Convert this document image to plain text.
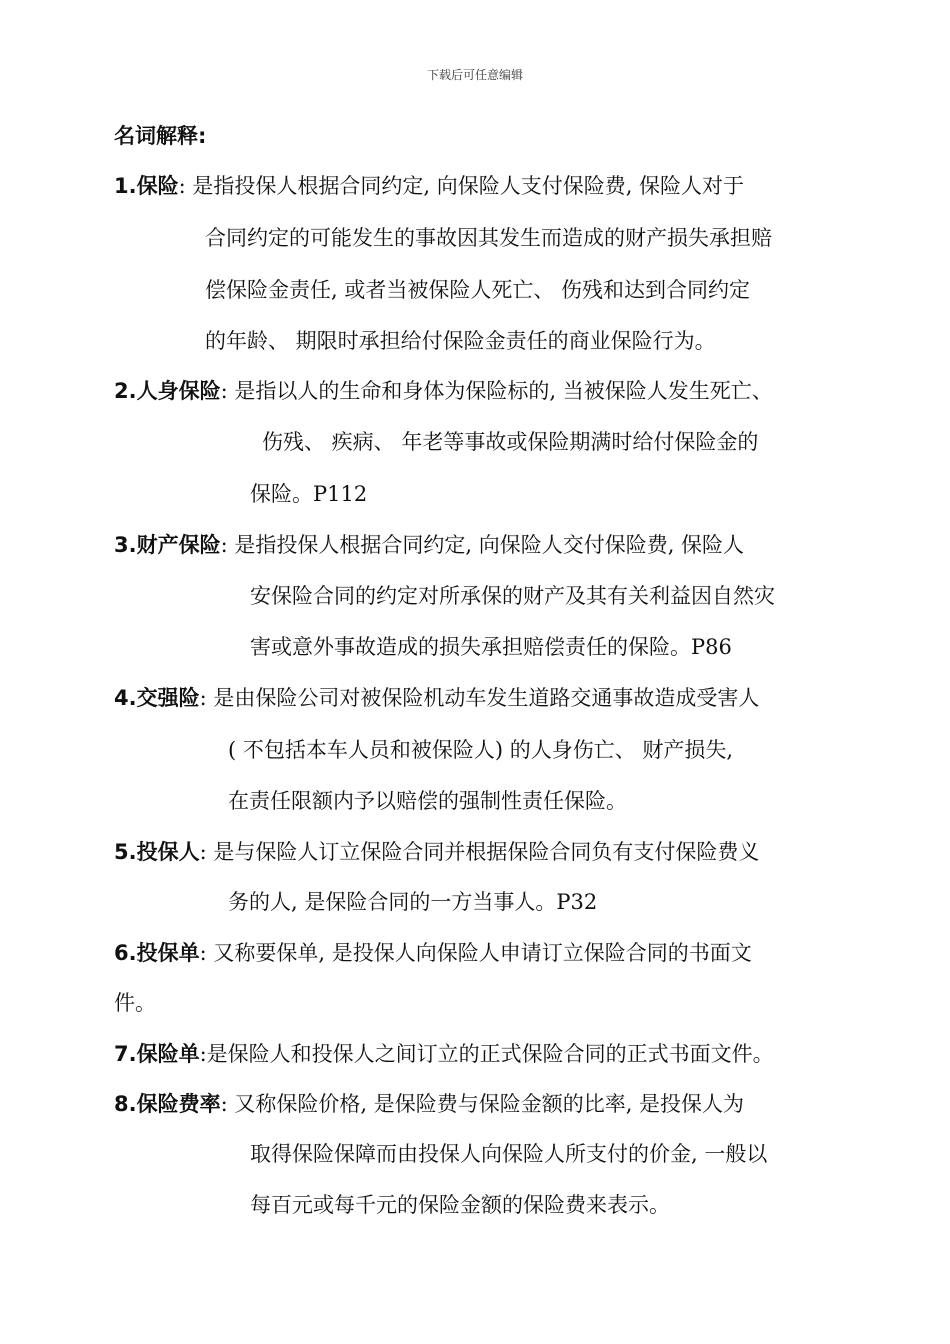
下载后可任意编辑
名词解释:
1.保险: 是指投保人根据合同约定, 向保险人支付保险费, 保险人对于
合同约定的可能发生的事故因其发生而造成的财产损失承担赔
偿保险金责任, 或者当被保险人死亡、 伤残和达到合同约定
的年龄、 期限时承担给付保险金责任的商业保险行为。
2.人身保险: 是指以人的生命和身体为保险标的, 当被保险人发生死亡、
伤残、 疾病、 年老等事故或保险期满时给付保险金的
保险。P112
3.财产保险: 是指投保人根据合同约定, 向保险人交付保险费, 保险人
安保险合同的约定对所承保的财产及其有关利益因自然灾
害或意外事故造成的损失承担赔偿责任的保险。P86
4.交强险: 是由保险公司对被保险机动车发生道路交通事故造成受害人
( 不包括本车人员和被保险人) 的人身伤亡、 财产损失,
在责任限额内予以赔偿的强制性责任保险。
5.投保人: 是与保险人订立保险合同并根据保险合同负有支付保险费义
务的人, 是保险合同的一方当事人。P32
6.投保单: 又称要保单, 是投保人向保险人申请订立保险合同的书面文
件。
7.保险单:是保险人和投保人之间订立的正式保险合同的正式书面文件。
8.保险费率: 又称保险价格, 是保险费与保险金额的比率, 是投保人为
取得保险保障而由投保人向保险人所支付的价金, 一般以
每百元或每千元的保险金额的保险费来表示。
